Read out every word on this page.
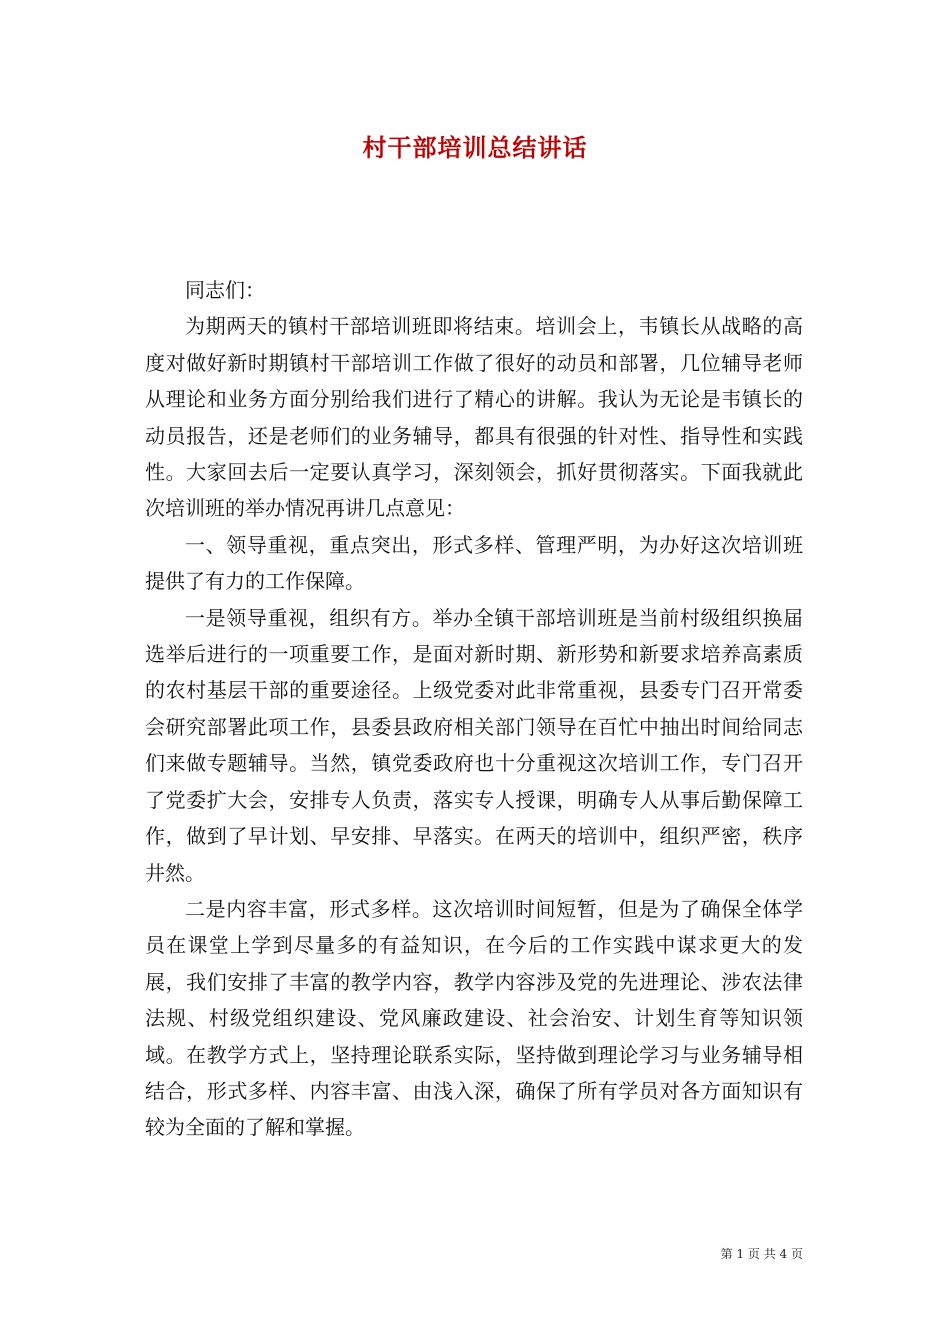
村干部培训总结讲话

同志们：

为期两天的镇村干部培训班即将结束。培训会上，韦镇长从战略的高度对做好新时期镇村干部培训工作做了很好的动员和部署，几位辅导老师从理论和业务方面分别给我们进行了精心的讲解。我认为无论是韦镇长的动员报告，还是老师们的业务辅导，都具有很强的针对性、指导性和实践性。大家回去后一定要认真学习，深刻领会，抓好贯彻落实。下面我就此次培训班的举办情况再讲几点意见：

一、领导重视，重点突出，形式多样、管理严明，为办好这次培训班提供了有力的工作保障。

一是领导重视，组织有方。举办全镇干部培训班是当前村级组织换届选举后进行的一项重要工作，是面对新时期、新形势和新要求培养高素质的农村基层干部的重要途径。上级党委对此非常重视，县委专门召开常委会研究部署此项工作，县委县政府相关部门领导在百忙中抽出时间给同志们来做专题辅导。当然，镇党委政府也十分重视这次培训工作，专门召开了党委扩大会，安排专人负责，落实专人授课，明确专人从事后勤保障工作，做到了早计划、早安排、早落实。在两天的培训中，组织严密，秩序井然。

二是内容丰富，形式多样。这次培训时间短暂，但是为了确保全体学员在课堂上学到尽量多的有益知识，在今后的工作实践中谋求更大的发展，我们安排了丰富的教学内容，教学内容涉及党的先进理论、涉农法律法规、村级党组织建设、党风廉政建设、社会治安、计划生育等知识领域。在教学方式上，坚持理论联系实际，坚持做到理论学习与业务辅导相结合，形式多样、内容丰富、由浅入深，确保了所有学员对各方面知识有较为全面的了解和掌握。

第 1 页 共 4 页
